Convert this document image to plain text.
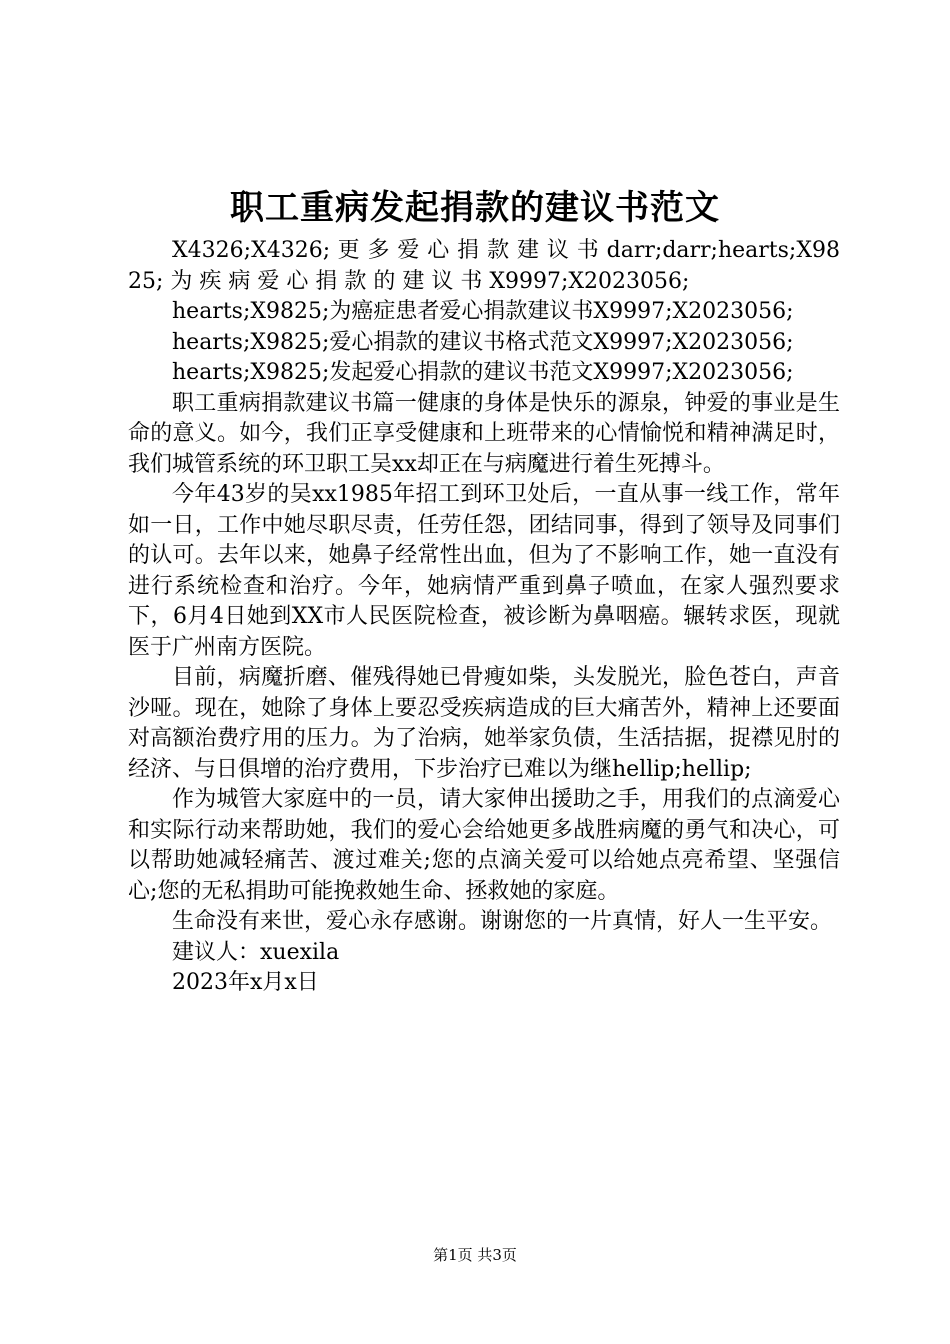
职工重病发起捐款的建议书范文

X4326;X4326; 更 多 爱 心 捐 款 建 议 书 darr;darr;hearts;X9825; 为 疾 病 爱 心 捐 款 的 建 议 书 X9997;X2023056;

hearts;X9825;为癌症患者爱心捐款建议书X9997;X2023056;

hearts;X9825;爱心捐款的建议书格式范文X9997;X2023056;

hearts;X9825;发起爱心捐款的建议书范文X9997;X2023056;

职工重病捐款建议书篇一健康的身体是快乐的源泉，钟爱的事业是生命的意义。如今，我们正享受健康和上班带来的心情愉悦和精神满足时，我们城管系统的环卫职工吴xx却正在与病魔进行着生死搏斗。

今年43岁的吴xx1985年招工到环卫处后，一直从事一线工作，常年如一日，工作中她尽职尽责，任劳任怨，团结同事，得到了领导及同事们的认可。去年以来，她鼻子经常性出血，但为了不影响工作，她一直没有进行系统检查和治疗。今年，她病情严重到鼻子喷血，在家人强烈要求下，6月4日她到XX市人民医院检查，被诊断为鼻咽癌。辗转求医，现就医于广州南方医院。

目前，病魔折磨、催残得她已骨瘦如柴，头发脱光，脸色苍白，声音沙哑。现在，她除了身体上要忍受疾病造成的巨大痛苦外，精神上还要面对高额治费疗用的压力。为了治病，她举家负债，生活拮据，捉襟见肘的经济、与日俱增的治疗费用，下步治疗已难以为继hellip;hellip;

作为城管大家庭中的一员，请大家伸出援助之手，用我们的点滴爱心和实际行动来帮助她，我们的爱心会给她更多战胜病魔的勇气和决心，可以帮助她减轻痛苦、渡过难关;您的点滴关爱可以给她点亮希望、坚强信心;您的无私捐助可能挽救她生命、拯救她的家庭。

生命没有来世，爱心永存感谢。谢谢您的一片真情，好人一生平安。

建议人：xuexila

2023年x月x日

第1页 共3页
